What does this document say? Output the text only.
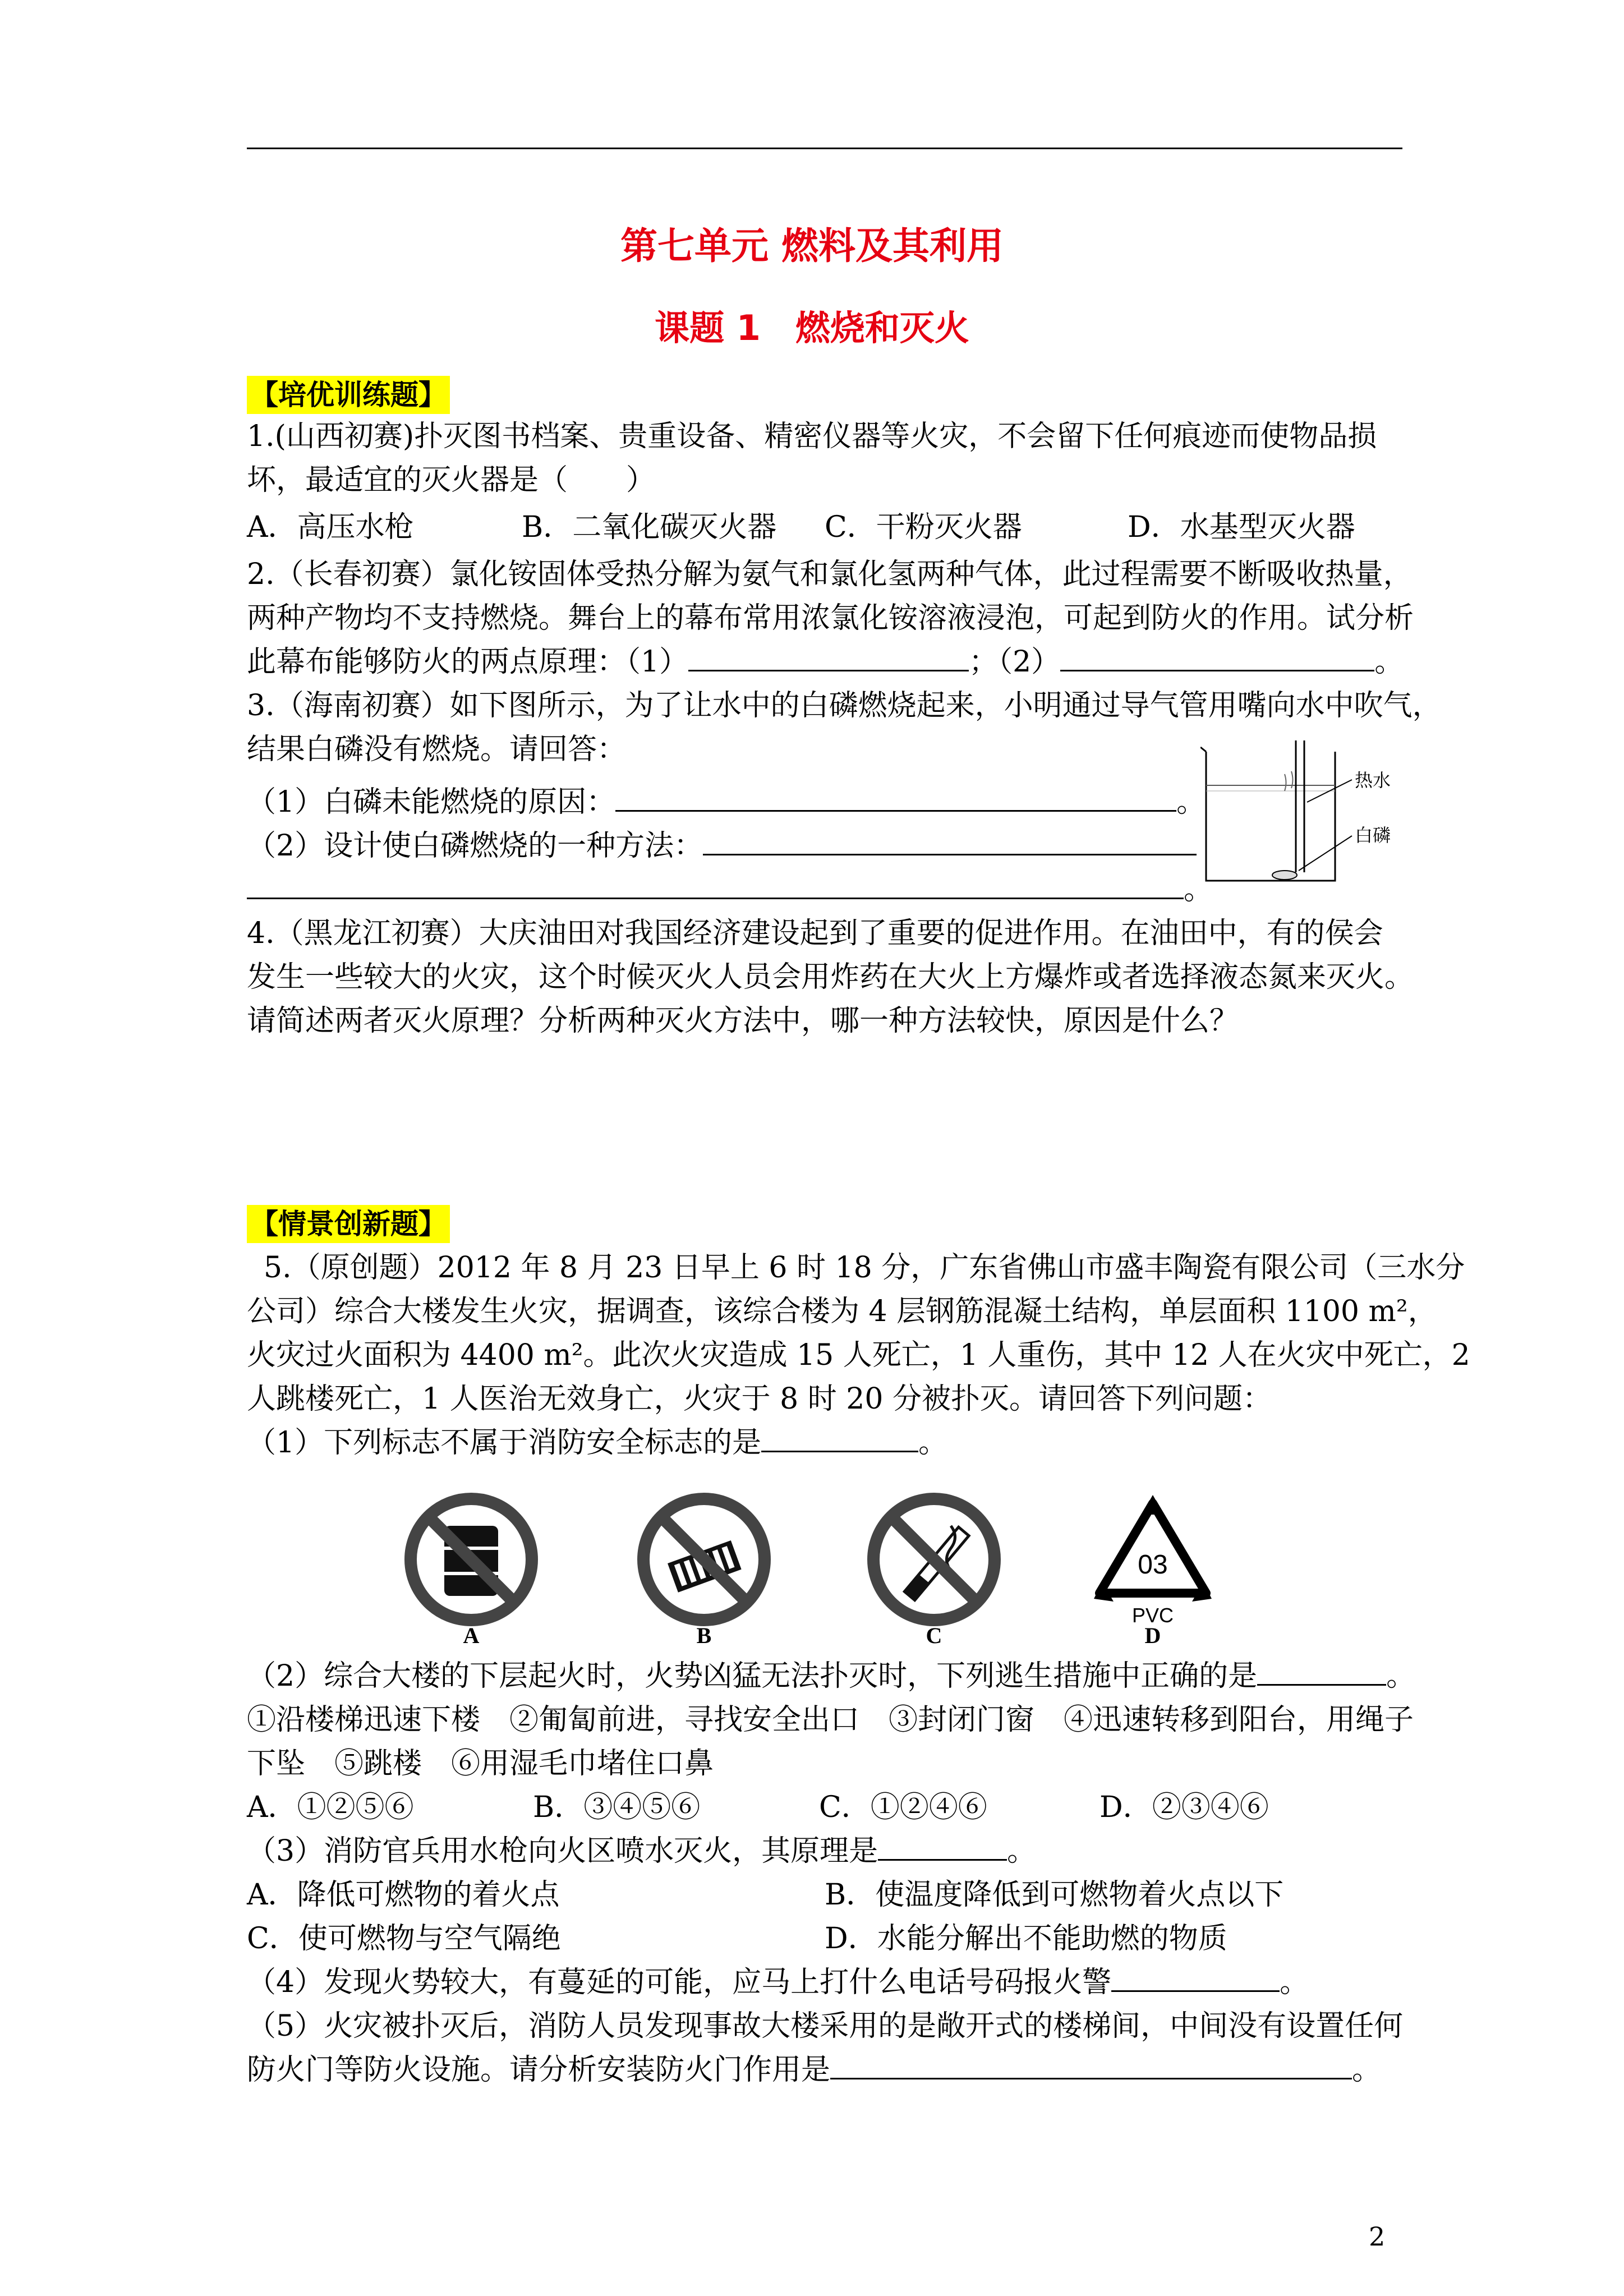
第七单元 燃料及其利用
课题 1　燃烧和灭火
【培优训练题】
1.(山西初赛)扑灭图书档案、贵重设备、精密仪器等火灾，不会留下任何痕迹而使物品损
坏，最适宜的灭火器是（　　）
A．高压水枪	B．二氧化碳灭火器 C．干粉灭火器	D．水基型灭火器
2.（长春初赛）氯化铵固体受热分解为氨气和氯化氢两种气体，此过程需要不断吸收热量，
两种产物均不支持燃烧。舞台上的幕布常用浓氯化铵溶液浸泡，可起到防火的作用。试分析
此幕布能够防火的两点原理：（1）	；（2）	。
3.（海南初赛）如下图所示，为了让水中的白磷燃烧起来，小明通过导气管用嘴向水中吹气，
结果白磷没有燃烧。请回答：
（1）白磷未能燃烧的原因：	。
（2）设计使白磷燃烧的一种方法：
。
热水
白磷
4.（黑龙江初赛）大庆油田对我国经济建设起到了重要的促进作用。在油田中，有的侯会
发生一些较大的火灾，这个时候灭火人员会用炸药在大火上方爆炸或者选择液态氮来灭火。
请简述两者灭火原理？分析两种灭火方法中，哪一种方法较快，原因是什么？
【情景创新题】
5.（原创题）2012 年 8 月 23 日早上 6 时 18 分，广东省佛山市盛丰陶瓷有限公司（三水分
公司）综合大楼发生火灾，据调查，该综合楼为 4 层钢筋混凝土结构，单层面积 1100 m²，
火灾过火面积为 4400 m²。此次火灾造成 15 人死亡，1 人重伤，其中 12 人在火灾中死亡，2
人跳楼死亡，1 人医治无效身亡，火灾于 8 时 20 分被扑灭。请回答下列问题：
（1）下列标志不属于消防安全标志的是	。
A	B	C
03
PVC
D
（2）综合大楼的下层起火时，火势凶猛无法扑灭时，下列逃生措施中正确的是	。
①沿楼梯迅速下楼　②匍匐前进，寻找安全出口　③封闭门窗　④迅速转移到阳台，用绳子
下坠　⑤跳楼　⑥用湿毛巾堵住口鼻
A．①②⑤⑥	B．③④⑤⑥	C．①②④⑥	D．②③④⑥
（3）消防官兵用水枪向火区喷水灭火，其原理是	。
A．降低可燃物的着火点	B．使温度降低到可燃物着火点以下
C．使可燃物与空气隔绝	D．水能分解出不能助燃的物质
（4）发现火势较大，有蔓延的可能，应马上打什么电话号码报火警	。
（5）火灾被扑灭后，消防人员发现事故大楼采用的是敞开式的楼梯间，中间没有设置任何
防火门等防火设施。请分析安装防火门作用是	。
2
